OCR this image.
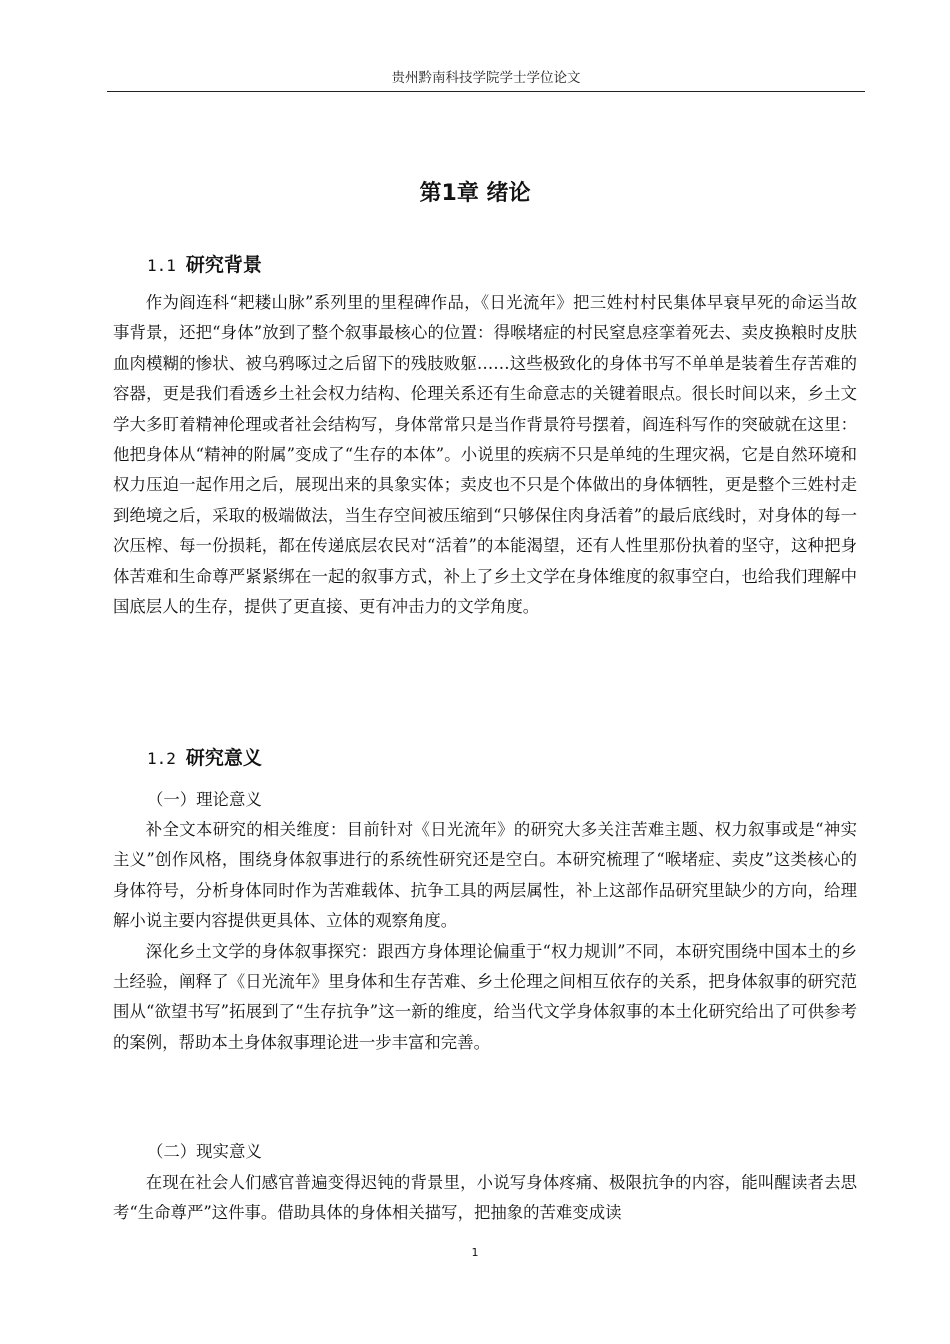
贵州黔南科技学院学士学位论文
第1章 绪论
1.1 研究背景

作为阎连科“耙耧山脉”系列里的里程碑作品，《日光流年》把三姓村村民集体早衰早死的命运当故事背景，还把“身体”放到了整个叙事最核心的位置：得喉堵症的村民窒息痉挛着死去、卖皮换粮时皮肤血肉模糊的惨状、被乌鸦啄过之后留下的残肢败躯……这些极致化的身体书写不单单是装着生存苦难的容器，更是我们看透乡土社会权力结构、伦理关系还有生命意志的关键着眼点。很长时间以来，乡土文学大多盯着精神伦理或者社会结构写，身体常常只是当作背景符号摆着，阎连科写作的突破就在这里：他把身体从“精神的附属”变成了“生存的本体”。小说里的疾病不只是单纯的生理灾祸，它是自然环境和权力压迫一起作用之后，展现出来的具象实体；卖皮也不只是个体做出的身体牺牲，更是整个三姓村走到绝境之后，采取的极端做法，当生存空间被压缩到“只够保住肉身活着”的最后底线时，对身体的每一次压榨、每一份损耗，都在传递底层农民对“活着”的本能渴望，还有人性里那份执着的坚守，这种把身体苦难和生命尊严紧紧绑在一起的叙事方式，补上了乡土文学在身体维度的叙事空白，也给我们理解中国底层人的生存，提供了更直接、更有冲击力的文学角度。

1.2 研究意义

（一）理论意义

补全文本研究的相关维度：目前针对《日光流年》的研究大多关注苦难主题、权力叙事或是“神实主义”创作风格，围绕身体叙事进行的系统性研究还是空白。本研究梳理了“喉堵症、卖皮”这类核心的身体符号，分析身体同时作为苦难载体、抗争工具的两层属性，补上这部作品研究里缺少的方向，给理解小说主要内容提供更具体、立体的观察角度。

深化乡土文学的身体叙事探究：跟西方身体理论偏重于“权力规训”不同，本研究围绕中国本土的乡土经验，阐释了《日光流年》里身体和生存苦难、乡土伦理之间相互依存的关系，把身体叙事的研究范围从“欲望书写”拓展到了“生存抗争”这一新的维度，给当代文学身体叙事的本土化研究给出了可供参考的案例，帮助本土身体叙事理论进一步丰富和完善。

（二）现实意义

在现在社会人们感官普遍变得迟钝的背景里，小说写身体疼痛、极限抗争的内容，能叫醒读者去思考“生命尊严”这件事。借助具体的身体相关描写，把抽象的苦难变成读

1
